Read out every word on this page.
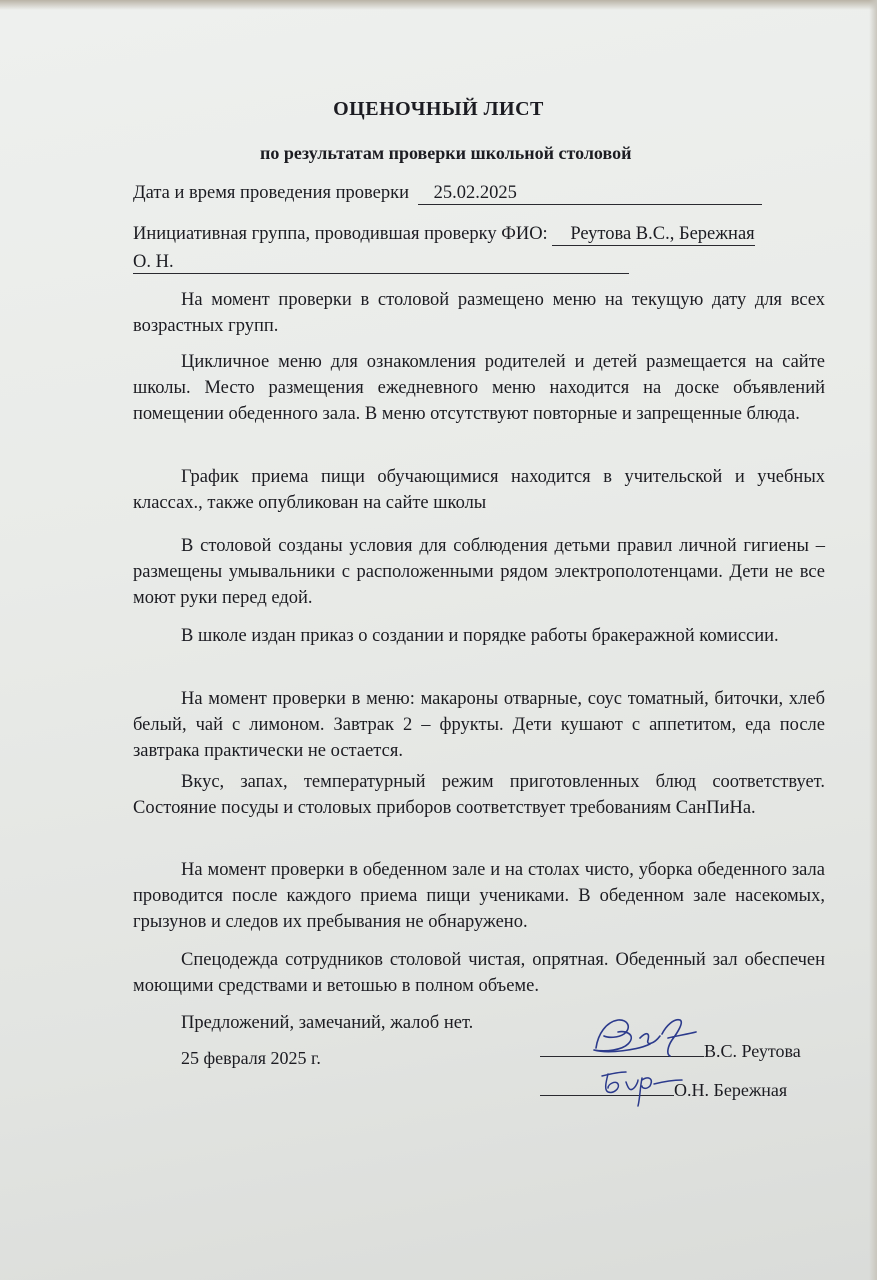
ОЦЕНОЧНЫЙ ЛИСТ
по результатам проверки школьной столовой
Дата и время проведения проверки 25.02.2025
Инициативная группа, проводившая проверку ФИО: Реутова В.С., Бережная
О. Н.

На момент проверки в столовой размещено меню на текущую дату для всех возрастных групп.

Цикличное меню для ознакомления родителей и детей размещается на сайте школы. Место размещения ежедневного меню находится на доске объявлений помещении обеденного зала. В меню отсутствуют повторные и запрещенные блюда.

График приема пищи обучающимися находится в учительской и учебных классах., также опубликован на сайте школы

В столовой созданы условия для соблюдения детьми правил личной гигиены – размещены умывальники с расположенными рядом электрополотенцами. Дети не все моют руки перед едой.

В школе издан приказ о создании и порядке работы бракеражной комиссии.

На момент проверки в меню: макароны отварные, соус томатный, биточки, хлеб белый, чай с лимоном. Завтрак 2 – фрукты. Дети кушают с аппетитом, еда после завтрака практически не остается.

Вкус, запах, температурный режим приготовленных блюд соответствует. Состояние посуды и столовых приборов соответствует требованиям СанПиНа.

На момент проверки в обеденном зале и на столах чисто, уборка обеденного зала проводится после каждого приема пищи учениками. В обеденном зале насекомых, грызунов и следов их пребывания не обнаружено.

Спецодежда сотрудников столовой чистая, опрятная. Обеденный зал обеспечен моющими средствами и ветошью в полном объеме.

Предложений, замечаний, жалоб нет.

25 февраля 2025 г.	В.С. Реутова
О.Н. Бережная
